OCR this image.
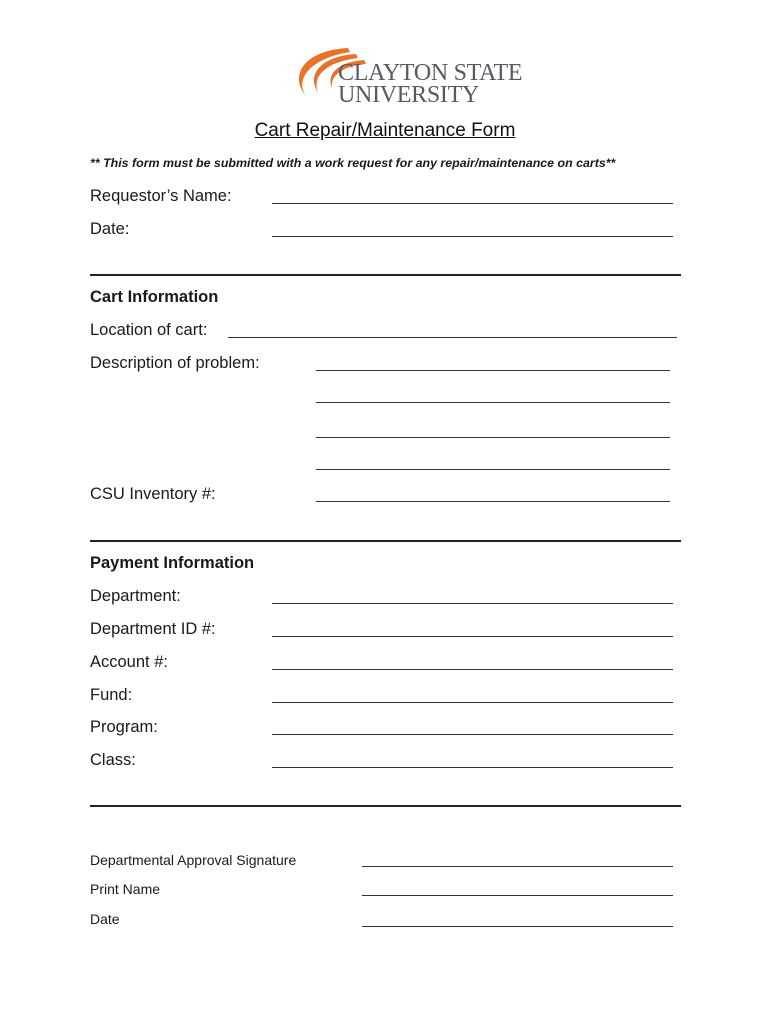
CLAYTON STATE
UNIVERSITY
Cart Repair/Maintenance Form
** This form must be submitted with a work request for any repair/maintenance on carts**
Requestor’s Name:
Date:
Cart Information
Location of cart:
Description of problem:
CSU Inventory #:
Payment Information
Department:
Department ID #:
Account #:
Fund:
Program:
Class:
Departmental Approval Signature
Print Name
Date
